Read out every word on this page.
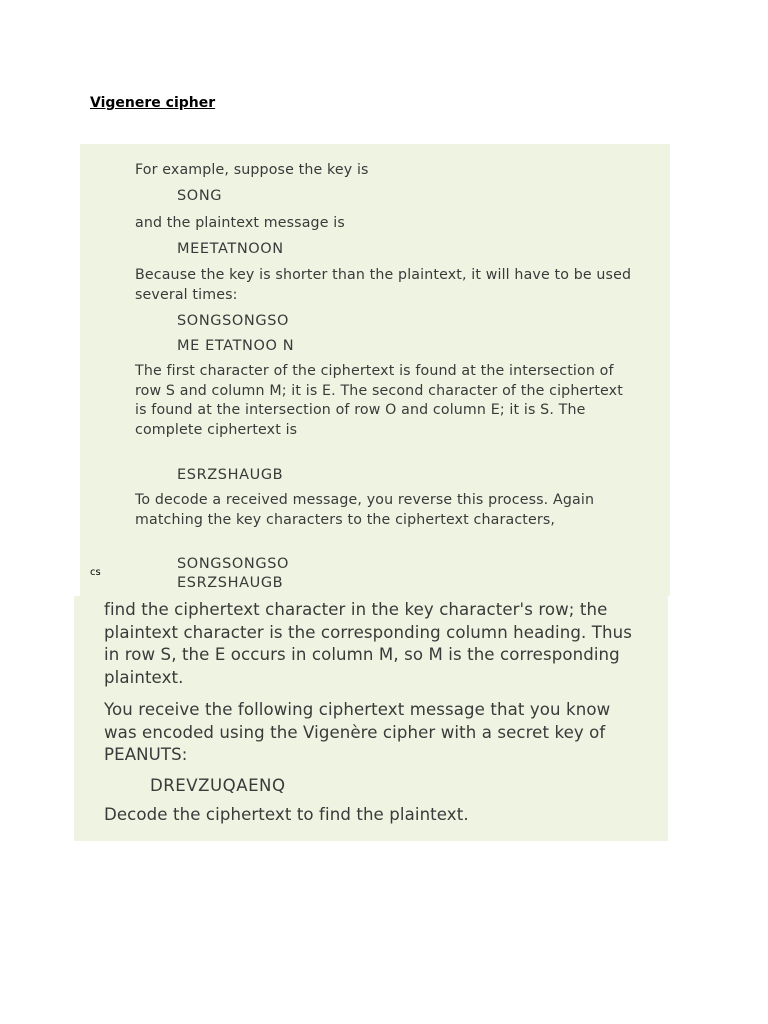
Vigenere cipher

For example, suppose the key is

SONG

and the plaintext message is

MEETATNOON

Because the key is shorter than the plaintext, it will have to be used several times:

SONGSONGSO
ME ETATNOO N

The first character of the ciphertext is found at the intersection of row S and column M; it is E. The second character of the ciphertext is found at the intersection of row O and column E; it is S. The complete ciphertext is

ESRZSHAUGB

To decode a received message, you reverse this process. Again matching the key characters to the ciphertext characters,

SONGSONGSO
ESRZSHAUGB
cs

find the ciphertext character in the key character's row; the plaintext character is the corresponding column heading. Thus in row S, the E occurs in column M, so M is the corresponding plaintext.

You receive the following ciphertext message that you know was encoded using the Vigenère cipher with a secret key of PEANUTS:

DREVZUQAENQ

Decode the ciphertext to find the plaintext.
